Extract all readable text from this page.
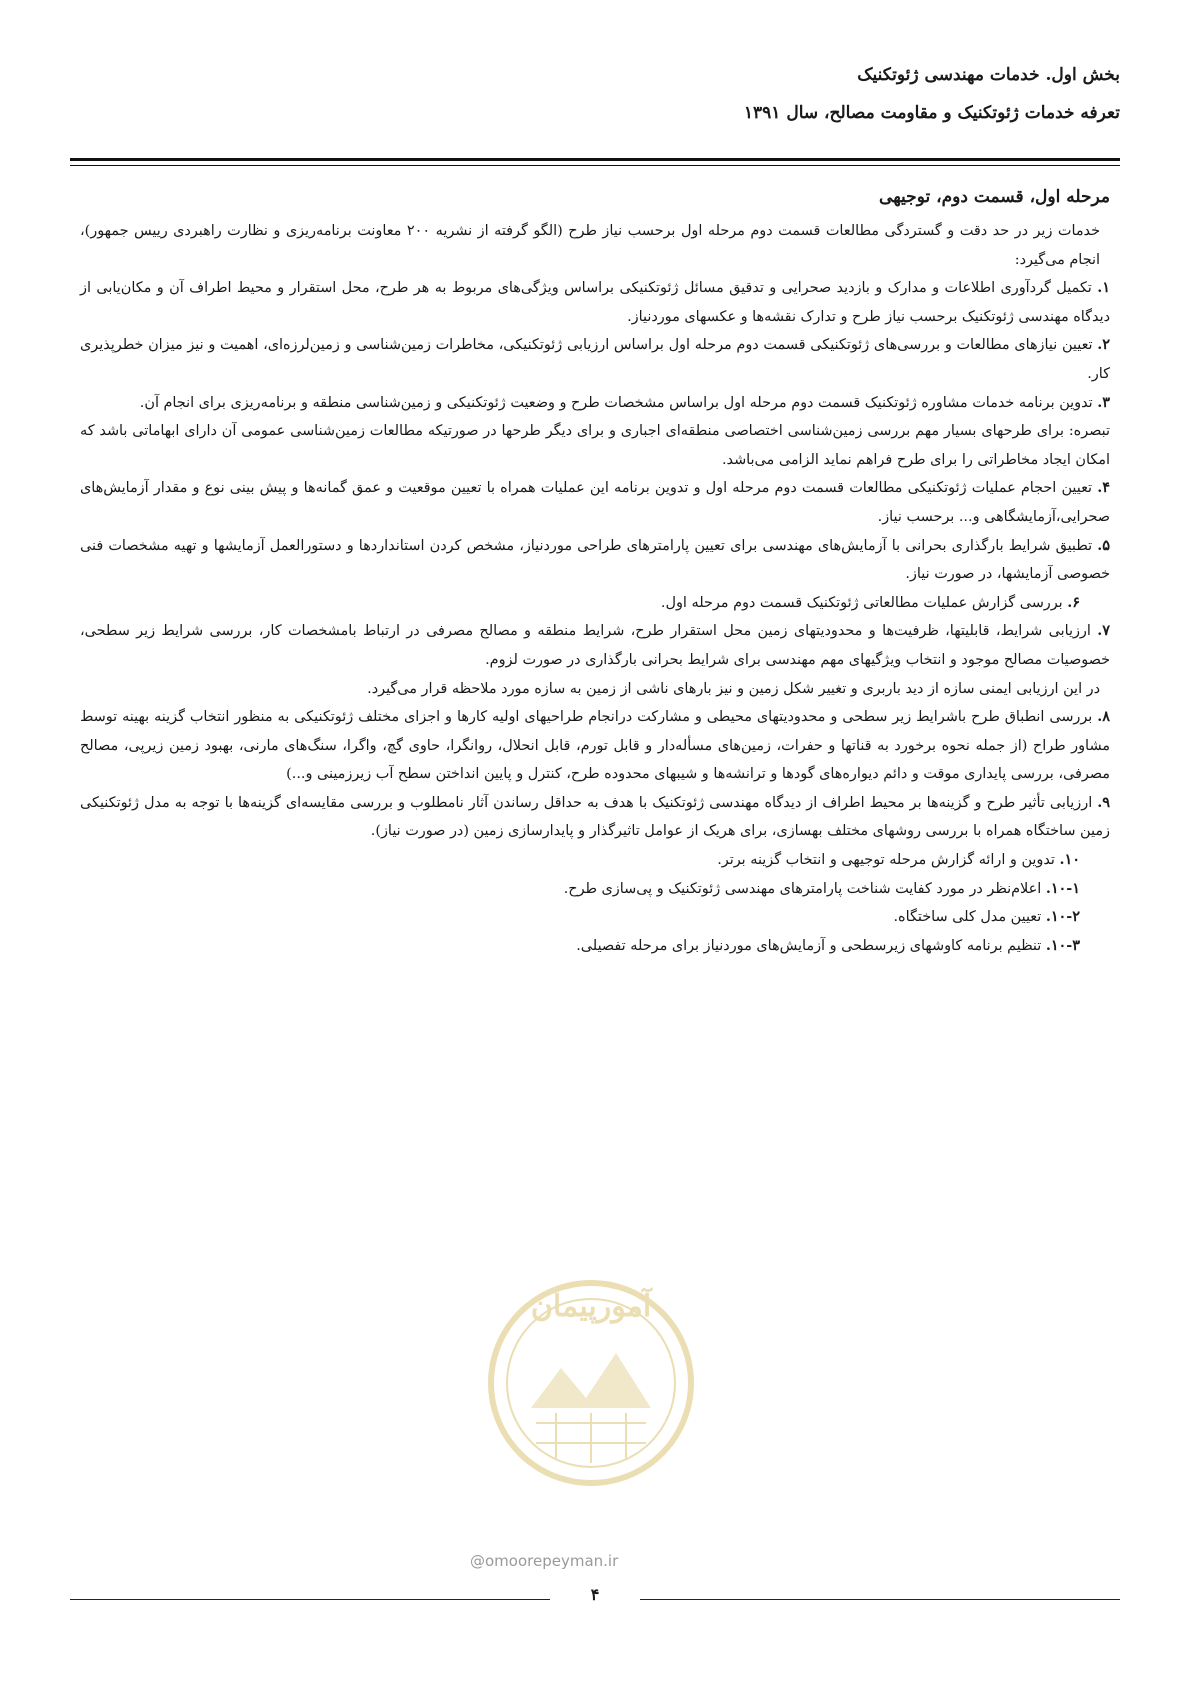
بخش اول. خدمات مهندسی ژئوتکنیک
تعرفه خدمات ژئوتکنیک و مقاومت مصالح، سال ۱۳۹۱
مرحله اول، قسمت دوم، توجیهی

خدمات زیر در حد دقت و گستردگی مطالعات قسمت دوم مرحله اول برحسب نیاز طرح (الگو گرفته از نشریه ۲۰۰ معاونت برنامه‌ریزی و نظارت راهبردی رییس جمهور)، انجام می‌گیرد:

۱. تکمیل گردآوری اطلاعات و مدارک و بازدید صحرایی و تدقیق مسائل ژئوتکنیکی براساس ویژگی‌های مربوط به هر طرح، محل استقرار و محیط اطراف آن و مکان‌یابی از دیدگاه مهندسی ژئوتکنیک برحسب نیاز طرح و تدارک نقشه‌ها و عکسهای موردنیاز.

۲. تعیین نیازهای مطالعات و بررسی‌های ژئوتکنیکی قسمت دوم مرحله اول براساس ارزیابی ژئوتکنیکی، مخاطرات زمین‌شناسی و زمین‌لرزه‌ای، اهمیت و نیز میزان خطرپذیری کار.

۳. تدوین برنامه خدمات مشاوره ژئوتکنیک قسمت دوم مرحله اول براساس مشخصات طرح و وضعیت ژئوتکنیکی و زمین‌شناسی منطقه و برنامه‌ریزی برای انجام آن.

تبصره: برای طرحهای بسیار مهم بررسی زمین‌شناسی اختصاصی منطقه‌ای اجباری و برای دیگر طرحها در صورتیکه مطالعات زمین‌شناسی عمومی آن دارای ابهاماتی باشد که امکان ایجاد مخاطراتی را برای طرح فراهم نماید الزامی می‌باشد.

۴. تعیین احجام عملیات ژئوتکنیکی مطالعات قسمت دوم مرحله اول و تدوین برنامه این عملیات همراه با تعیین موقعیت و عمق گمانه‌ها و پیش بینی نوع و مقدار آزمایش‌های صحرایی،آزمایشگاهی و... برحسب نیاز.

۵. تطبیق شرایط بارگذاری بحرانی با آزمایش‌های مهندسی برای تعیین پارامترهای طراحی موردنیاز، مشخص کردن استانداردها و دستورالعمل آزمایشها و تهیه مشخصات فنی خصوصی آزمایشها، در صورت نیاز.

۶. بررسی گزارش عملیات مطالعاتی ژئوتکنیک قسمت دوم مرحله اول.

۷. ارزیابی شرایط، قابلیتها، ظرفیت‌ها و محدودیتهای زمین محل استقرار طرح، شرایط منطقه و مصالح مصرفی در ارتباط بامشخصات کار، بررسی شرایط زیر سطحی، خصوصیات مصالح موجود و انتخاب ویژگیهای مهم مهندسی برای شرایط بحرانی بارگذاری در صورت لزوم.

در این ارزیابی ایمنی سازه از دید باربری و تغییر شکل زمین و نیز بارهای ناشی از زمین به سازه مورد ملاحظه قرار می‌گیرد.

۸. بررسی انطباق طرح باشرایط زیر سطحی و محدودیتهای محیطی و مشارکت درانجام طراحیهای اولیه کارها و اجزای مختلف ژئوتکنیکی به منظور انتخاب گزینه بهینه توسط مشاور طراح (از جمله نحوه برخورد به قناتها و حفرات، زمین‌های مسأله‌دار و قابل تورم، قابل انحلال، روانگرا، حاوی گچ، واگرا، سنگ‌های مارنی، بهبود زمین زیرپی، مصالح مصرفی، بررسی پایداری موقت و دائم دیواره‌های گودها و ترانشه‌ها و شیبهای محدوده طرح، کنترل و پایین انداختن سطح آب زیرزمینی و...)

۹. ارزیابی تأثیر طرح و گزینه‌ها بر محیط اطراف از دیدگاه مهندسی ژئوتکنیک با هدف به حداقل رساندن آثار نامطلوب و بررسی مقایسه‌ای گزینه‌ها با توجه به مدل ژئوتکنیکی زمین ساختگاه همراه با بررسی روشهای مختلف بهسازی، برای هریک از عوامل تاثیرگذار و پایدارسازی زمین (در صورت نیاز).

۱۰. تدوین و ارائه گزارش مرحله توجیهی و انتخاب گزینه برتر.

۱۰-۱. اعلام‌نظر در مورد کفایت شناخت پارامترهای مهندسی ژئوتکنیک و پی‌سازی طرح.

۱۰-۲. تعیین مدل کلی ساختگاه.

۱۰-۳. تنظیم برنامه کاوشهای زیرسطحی و آزمایش‌های موردنیاز برای مرحله تفصیلی.

آمورپیمان
@omoorepeyman.ir
۴
